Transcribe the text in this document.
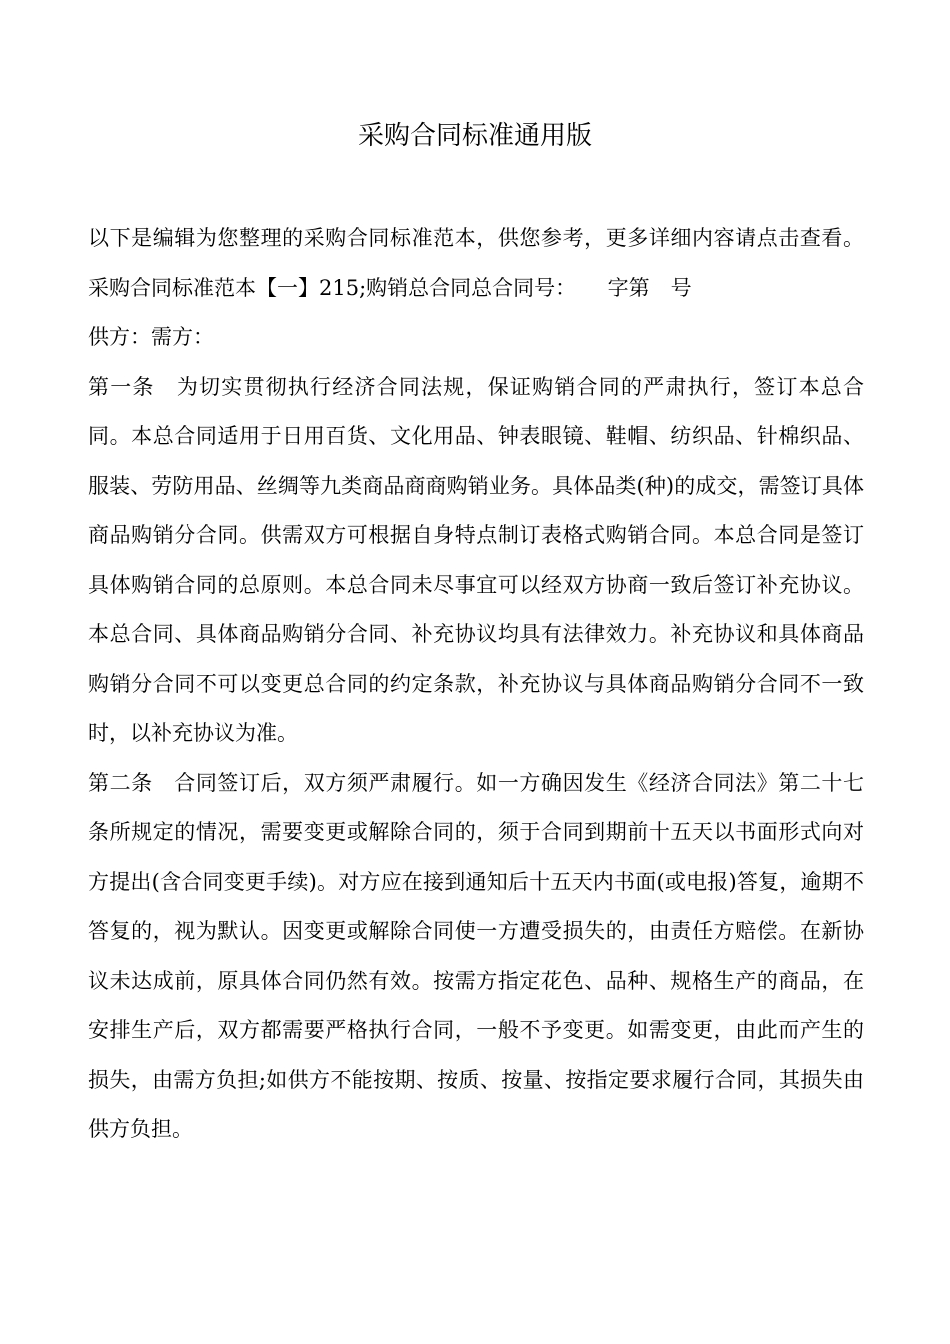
采购合同标准通用版

以下是编辑为您整理的采购合同标准范本，供您参考，更多详细内容请点击查看。采购合同标准范本【一】215;购销总合同总合同号：　　字第　号

供方：需方：

第一条　为切实贯彻执行经济合同法规，保证购销合同的严肃执行，签订本总合同。本总合同适用于日用百货、文化用品、钟表眼镜、鞋帽、纺织品、针棉织品、服装、劳防用品、丝绸等九类商品商商购销业务。具体品类(种)的成交，需签订具体商品购销分合同。供需双方可根据自身特点制订表格式购销合同。本总合同是签订具体购销合同的总原则。本总合同未尽事宜可以经双方协商一致后签订补充协议。本总合同、具体商品购销分合同、补充协议均具有法律效力。补充协议和具体商品购销分合同不可以变更总合同的约定条款，补充协议与具体商品购销分合同不一致时，以补充协议为准。

第二条　合同签订后，双方须严肃履行。如一方确因发生《经济合同法》第二十七条所规定的情况，需要变更或解除合同的，须于合同到期前十五天以书面形式向对方提出(含合同变更手续)。对方应在接到通知后十五天内书面(或电报)答复，逾期不答复的，视为默认。因变更或解除合同使一方遭受损失的，由责任方赔偿。在新协议未达成前，原具体合同仍然有效。按需方指定花色、品种、规格生产的商品，在安排生产后，双方都需要严格执行合同，一般不予变更。如需变更，由此而产生的损失，由需方负担;如供方不能按期、按质、按量、按指定要求履行合同，其损失由供方负担。
